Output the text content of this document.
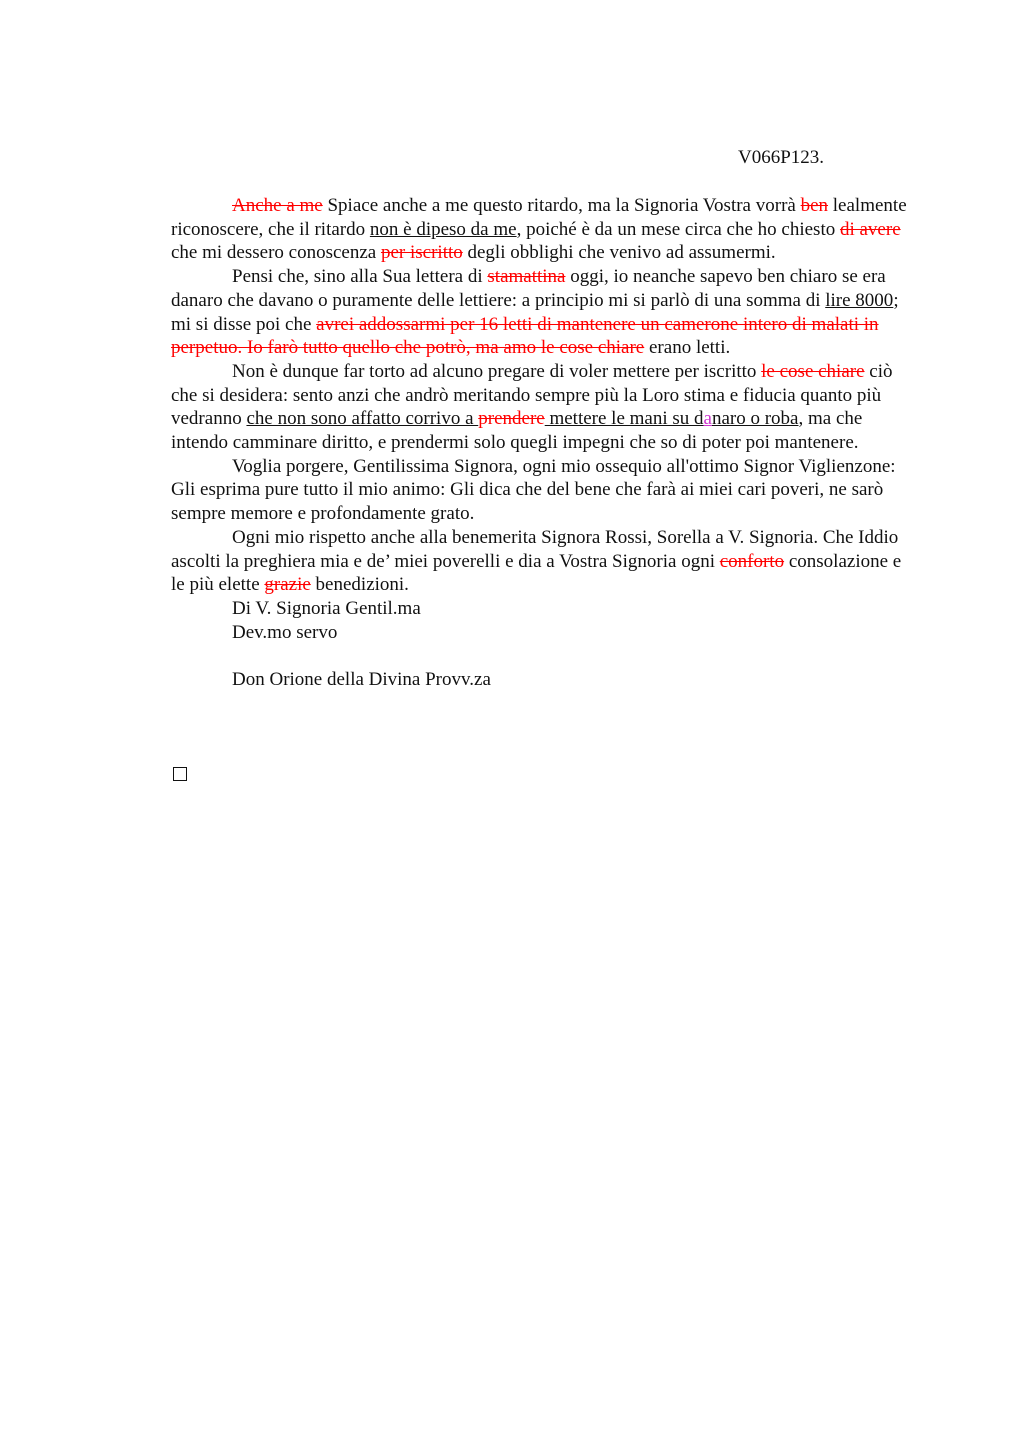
V066P123.

Anche a me Spiace anche a me questo ritardo, ma la Signoria Vostra vorrà ben lealmente riconoscere, che il ritardo non è dipeso da me, poiché è da un mese circa che ho chiesto di avere che mi dessero conoscenza per iscritto degli obblighi che venivo ad assumermi.

Pensi che, sino alla Sua lettera di stamattina oggi, io neanche sapevo ben chiaro se era danaro che davano o puramente delle lettiere: a principio mi si parlò di una somma di lire 8000; mi si disse poi che avrei addossarmi per 16 letti di mantenere un camerone intero di malati in perpetuo. Io farò tutto quello che potrò, ma amo le cose chiare erano letti.

Non è dunque far torto ad alcuno pregare di voler mettere per iscritto le cose chiare ciò che si desidera: sento anzi che andrò meritando sempre più la Loro stima e fiducia quanto più vedranno che non sono affatto corrivo a prendere mettere le mani su danaro o roba, ma che intendo camminare diritto, e prendermi solo quegli impegni che so di poter poi mantenere.

Voglia porgere, Gentilissima Signora, ogni mio ossequio all'ottimo Signor Viglienzone: Gli esprima pure tutto il mio animo: Gli dica che del bene che farà ai miei cari poveri, ne sarò sempre memore e profondamente grato.

Ogni mio rispetto anche alla benemerita Signora Rossi, Sorella a V. Signoria. Che Iddio ascolti la preghiera mia e de’ miei poverelli e dia a Vostra Signoria ogni conforto consolazione e le più elette grazie benedizioni.

Di V. Signoria Gentil.ma

Dev.mo servo

Don Orione della Divina Provv.za
